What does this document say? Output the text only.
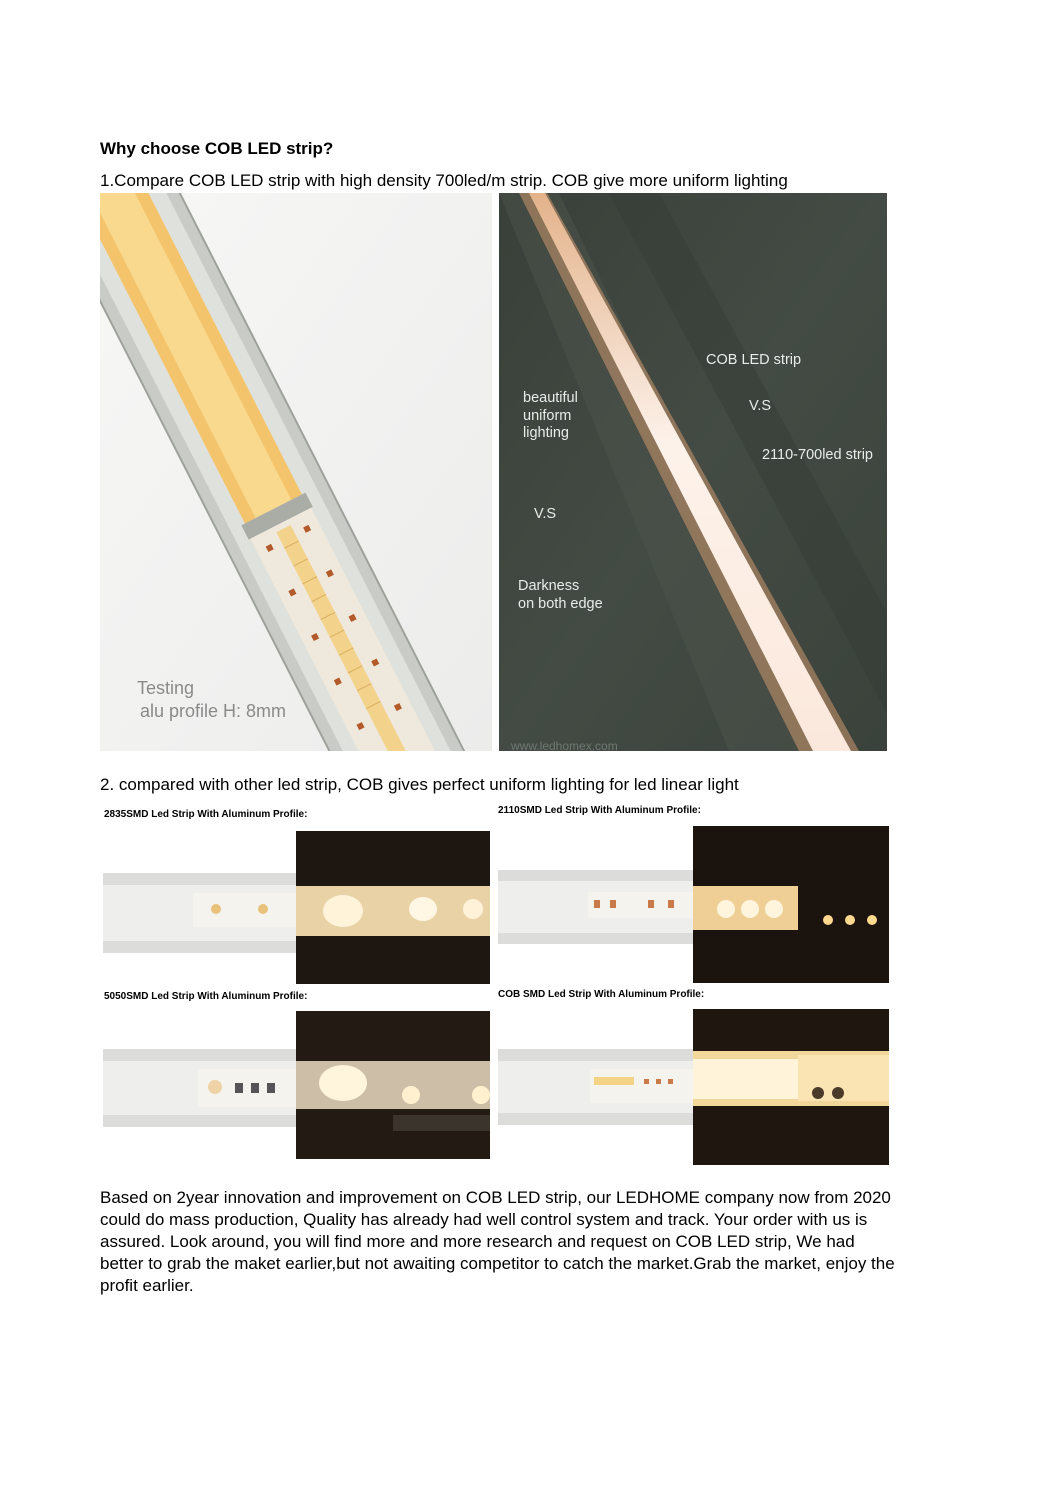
Why choose COB LED strip?
1.Compare COB LED strip with high density 700led/m strip. COB give more uniform lighting
Testing
alu profile H: 8mm
COB LED strip
V.S
2110-700led strip
beautiful
uniform
lighting
V.S
Darkness
on both edge
www.ledhomex.com
2. compared with other led strip, COB gives perfect uniform lighting for led linear light
2835SMD Led Strip With Aluminum Profile:	2110SMD Led Strip With Aluminum Profile:
5050SMD Led Strip With Aluminum Profile:	COB SMD Led Strip With Aluminum Profile:
Based on 2year innovation and improvement on COB LED strip, our LEDHOME company now from 2020 could do mass production, Quality has already had well control system and track. Your order with us is assured. Look around, you will find more and more research and request on COB LED strip, We had better to grab the maket earlier,but not awaiting competitor to catch the market.Grab the market, enjoy the profit earlier.
